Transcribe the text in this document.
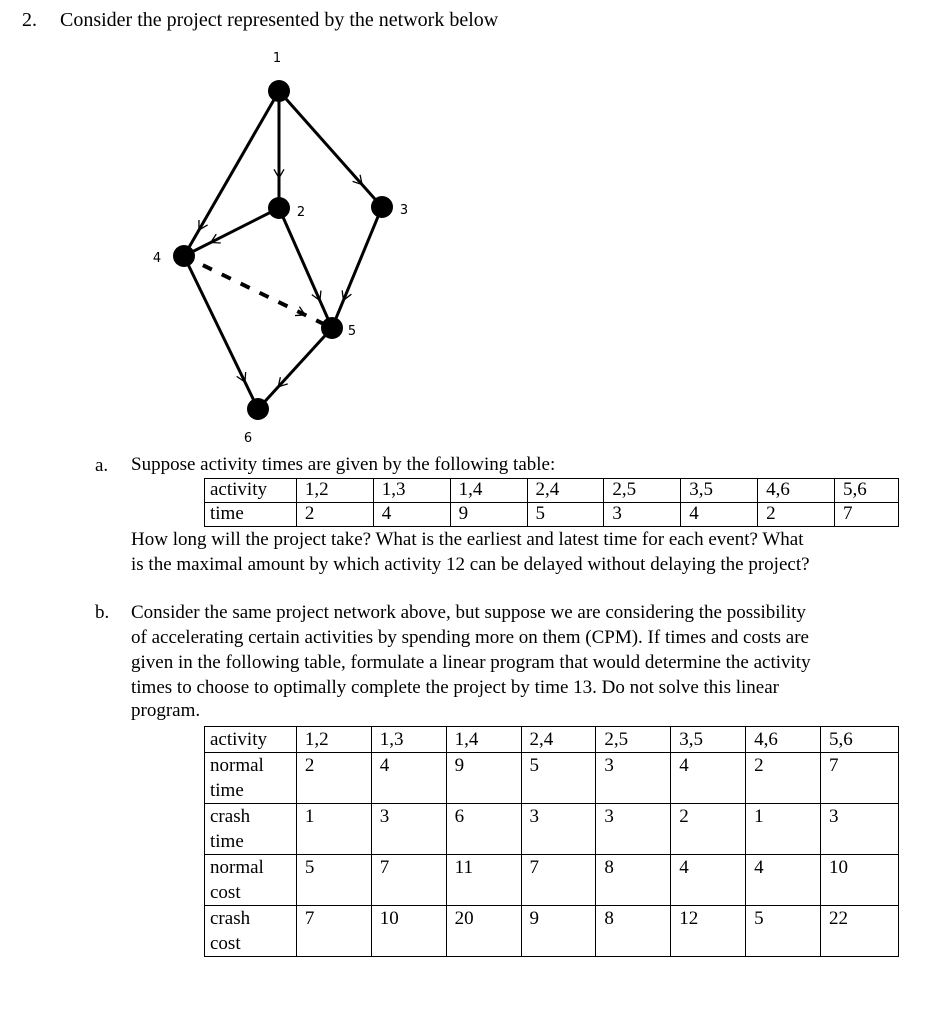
2. Consider the project represented by the network below
1
2	3
4
5
6
a. Suppose activity times are given by the following table:
activity	1,2	1,3	1,4	2,4	2,5	3,5	4,6	5,6
time	2	4	9	5	3	4	2	7
How long will the project take? What is the earliest and latest time for each event? What
is the maximal amount by which activity 12 can be delayed without delaying the project?
b. Consider the same project network above, but suppose we are considering the possibility
of accelerating certain activities by spending more on them (CPM). If times and costs are
given in the following table, formulate a linear program that would determine the activity
times to choose to optimally complete the project by time 13. Do not solve this linear
program.
activity	1,2	1,3	1,4	2,4	2,5	3,5	4,6	5,6

normal
time	2	4	9	5	3	4	2	7

crash
time	1	3	6	3	3	2	1	3

normal
cost	5	7	11	7	8	4	4	10

crash
cost	7	10	20	9	8	12	5	22
